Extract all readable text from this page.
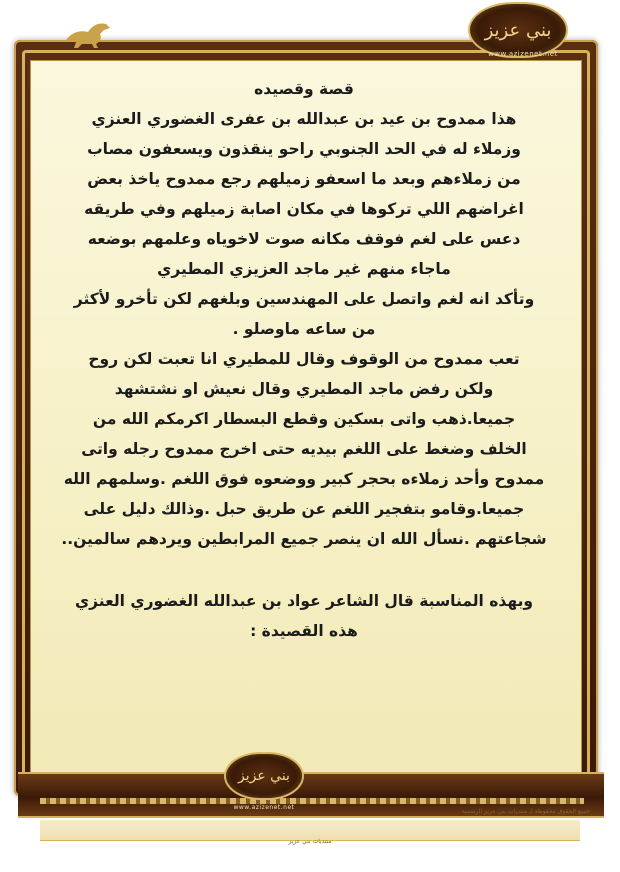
بني عزيز
www.azizenet.net
قصة وقصيده
هذا ممدوح بن عيد بن عبدالله بن عفرى الغضوري العنزي
وزملاء له في الحد الجنوبي راحو ينقذون ويسعفون مصاب
من زملاءهم وبعد ما اسعفو زميلهم رجع ممدوح ياخذ بعض
اغراضهم اللي تركوها في مكان اصابة زميلهم وفي طريقه
دعس على لغم فوقف مكانه صوت لاخوياه وعلمهم بوضعه
ماجاء منهم غير ماجد العزيزي المطيري
وتأكد انه لغم واتصل على المهندسين وبلغهم لكن تأخرو لأكثر
من ساعه ماوصلو .
تعب ممدوح من الوقوف وقال للمطيري انا تعبت لكن روح
ولكن رفض ماجد المطيري وقال نعيش او نشتشهد
جميعا.ذهب واتى بسكين وقطع البسطار اكرمكم الله من
الخلف وضغط على اللغم بيديه حتى اخرج ممدوح رجله واتى
ممدوح وأحد زملاءه بحجر كبير ووضعوه فوق اللغم .وسلمهم الله
جميعا.وقامو بتفجير اللغم عن طريق حبل .وذالك دليل على
شجاعتهم .نسأل الله ان ينصر جميع المرابطين ويردهم سالمين..
وبهذه المناسبة قال الشاعر عواد بن عبدالله الغضوري العنزي
هذه القصيدة :
بني عزيز
www.azizenet.net
جميع الحقوق محفوظة لـ منتديات بني عزيز الرسمية
منتديات بني عزيز
